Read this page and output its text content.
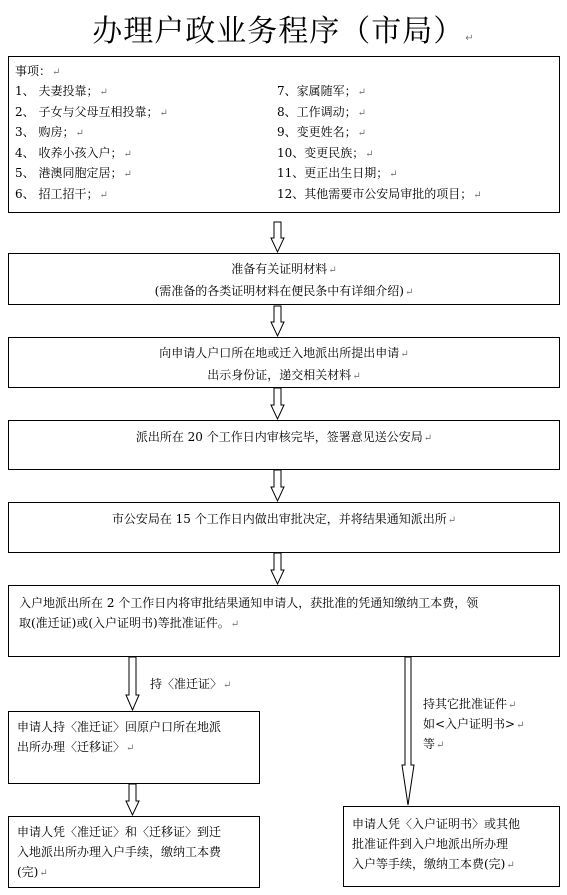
办理户政业务程序（市局）↵
事项：↵
1、 夫妻投靠；↵
2、 子女与父母互相投靠；↵
3、 购房；↵
4、 收养小孩入户；↵
5、 港澳同胞定居；↵
6、 招工招干；↵
7、家属随军；↵
8、工作调动；↵
9、变更姓名；↵
10、变更民族；↵
11、更正出生日期；↵
12、其他需要市公安局审批的项目；↵
准备有关证明材料↵
(需准备的各类证明材料在便民条中有详细介绍)↵
向申请人户口所在地或迁入地派出所提出申请↵
出示身份证，递交相关材料↵
派出所在 20 个工作日内审核完毕，签署意见送公安局↵
市公安局在 15 个工作日内做出审批决定，并将结果通知派出所↵
入户地派出所在 2 个工作日内将审批结果通知申请人，获批准的凭通知缴纳工本费，领
取(准迁证)或(入户证明书)等批准证件。↵
持〈准迁证〉↵
持其它批准证件↵
如<入户证明书>↵
等↵
申请人持〈准迁证〉回原户口所在地派
出所办理〈迁移证〉↵
申请人凭〈准迁证〉和〈迁移证〉到迁
入地派出所办理入户手续，缴纳工本费
(完)↵
申请人凭〈入户证明书〉或其他
批准证件到入户地派出所办理
入户等手续，缴纳工本费(完)↵
